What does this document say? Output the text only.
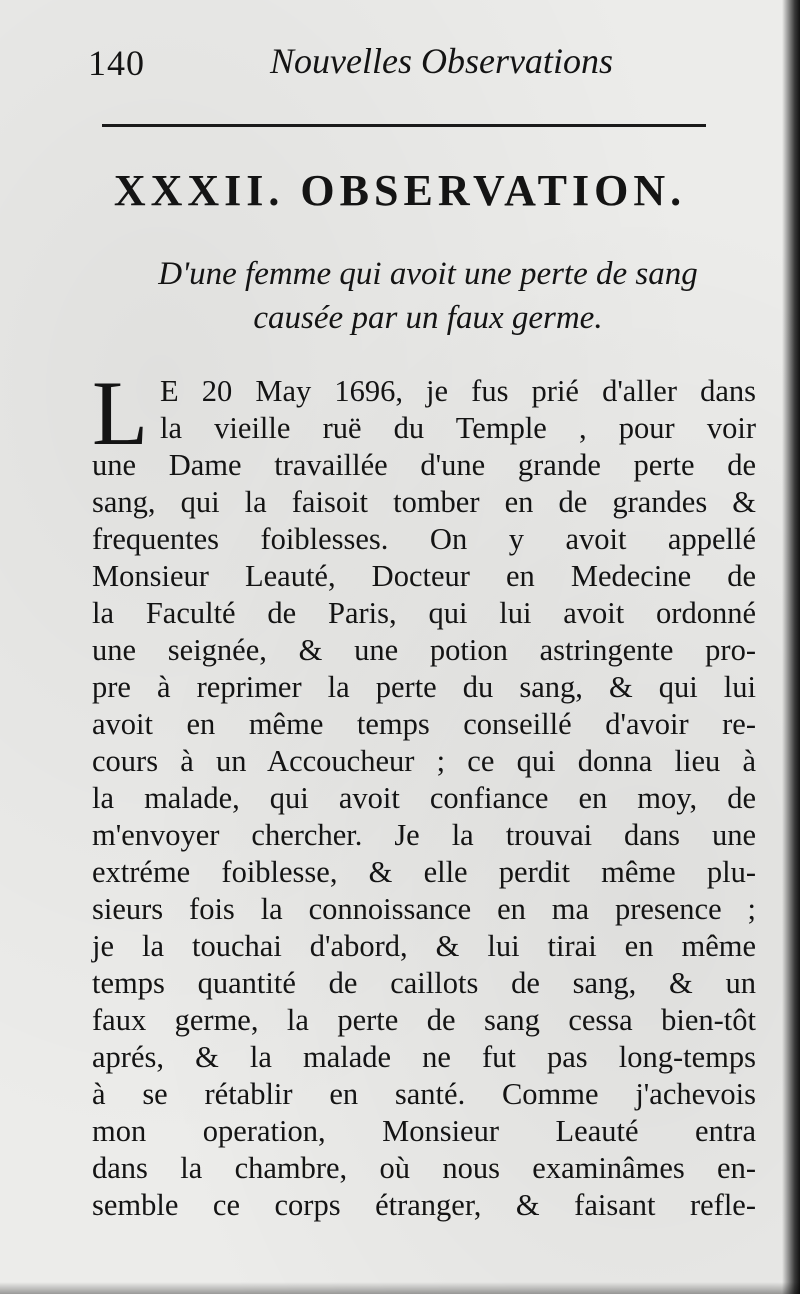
140	Nouvelles Observations
XXXII. OBSERVATION.
D'une femme qui avoit une perte de sang
causée par un faux germe.
L E 20 May 1696, je fus prié d'aller dans
la vieille ruë du Temple , pour voir
une Dame travaillée d'une grande perte de
sang, qui la faisoit tomber en de grandes &
frequentes foiblesses. On y avoit appellé
Monsieur Leauté, Docteur en Medecine de
la Faculté de Paris, qui lui avoit ordonné
une seignée, & une potion astringente pro-
pre à reprimer la perte du sang, & qui lui
avoit en même temps conseillé d'avoir re-
cours à un Accoucheur ; ce qui donna lieu à
la malade, qui avoit confiance en moy, de
m'envoyer chercher. Je la trouvai dans une
extréme foiblesse, & elle perdit même plu-
sieurs fois la connoissance en ma presence ;
je la touchai d'abord, & lui tirai en même
temps quantité de caillots de sang, & un
faux germe, la perte de sang cessa bien-tôt
aprés, & la malade ne fut pas long-temps
à se rétablir en santé. Comme j'achevois
mon operation, Monsieur Leauté entra
dans la chambre, où nous examinâmes en-
semble ce corps étranger, & faisant refle-
